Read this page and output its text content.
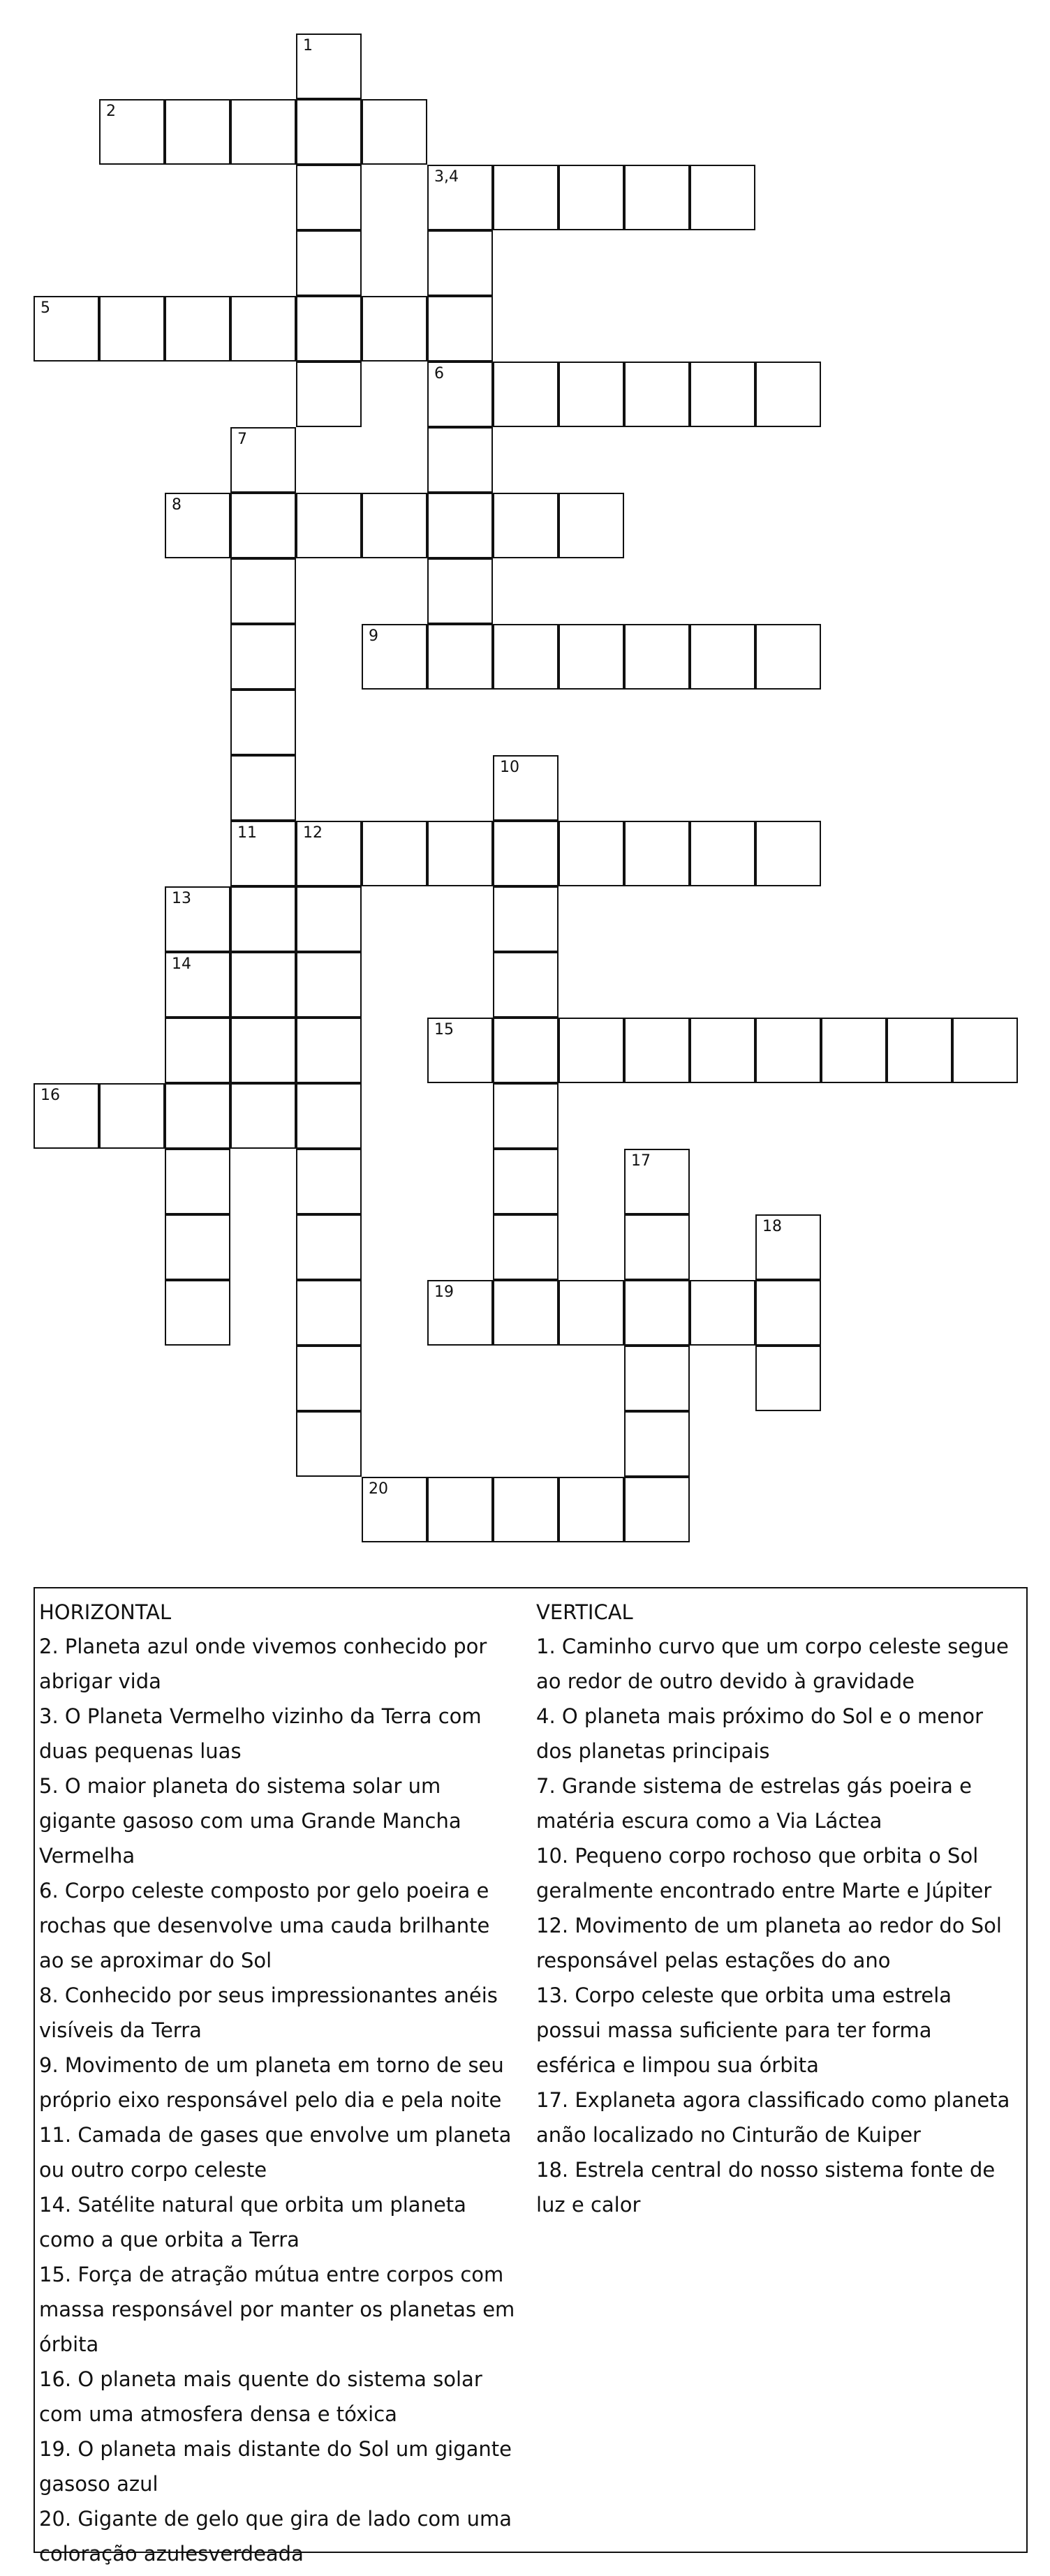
1
2
3,4
5
6
7
8
9
10
11	12
13
14
15
16
17
18
19
20
HORIZONTAL

2. Planeta azul onde vivemos conhecido por abrigar vida

3. O Planeta Vermelho vizinho da Terra com duas pequenas luas

5. O maior planeta do sistema solar um gigante gasoso com uma Grande Mancha Vermelha

6. Corpo celeste composto por gelo poeira e rochas que desenvolve uma cauda brilhante ao se aproximar do Sol

8. Conhecido por seus impressionantes anéis visíveis da Terra

9. Movimento de um planeta em torno de seu próprio eixo responsável pelo dia e pela noite

11. Camada de gases que envolve um planeta ou outro corpo celeste

14. Satélite natural que orbita um planeta como a que orbita a Terra

15. Força de atração mútua entre corpos com massa responsável por manter os planetas em órbita

16. O planeta mais quente do sistema solar com uma atmosfera densa e tóxica

19. O planeta mais distante do Sol um gigante gasoso azul

20. Gigante de gelo que gira de lado com uma coloração azulesverdeada

VERTICAL

1. Caminho curvo que um corpo celeste segue ao redor de outro devido à gravidade

4. O planeta mais próximo do Sol e o menor dos planetas principais

7. Grande sistema de estrelas gás poeira e matéria escura como a Via Láctea

10. Pequeno corpo rochoso que orbita o Sol geralmente encontrado entre Marte e Júpiter

12. Movimento de um planeta ao redor do Sol responsável pelas estações do ano

13. Corpo celeste que orbita uma estrela possui massa suficiente para ter forma esférica e limpou sua órbita

17. Explaneta agora classificado como planeta anão localizado no Cinturão de Kuiper

18. Estrela central do nosso sistema fonte de luz e calor
